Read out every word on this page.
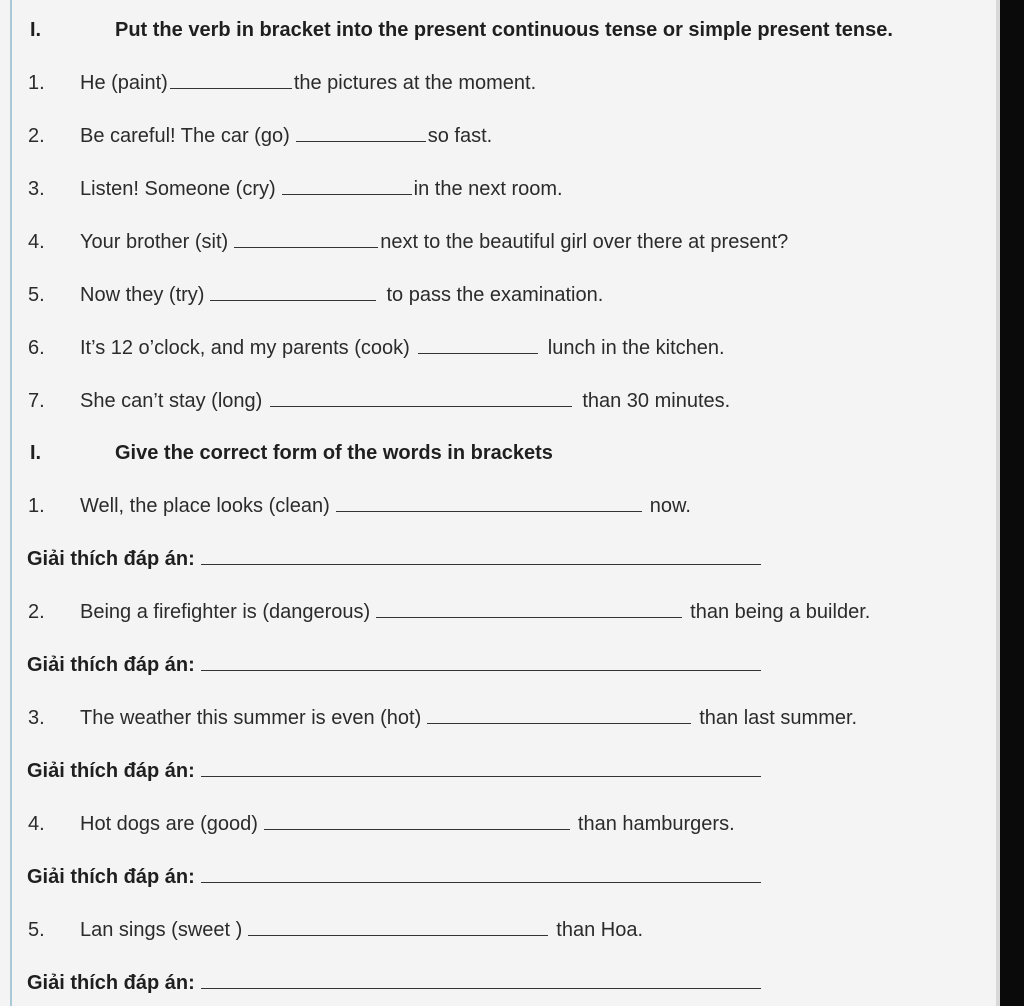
I.	Put the verb in bracket into the present continuous tense or simple present tense.
1. He (paint)	the pictures at the moment.
2. Be careful! The car (go)	so fast.
3. Listen! Someone (cry)	in the next room.
4. Your brother (sit)	next to the beautiful girl over there at present?
5. Now they (try)	to pass the examination.
6. It’s 12 o’clock, and my parents (cook)	lunch in the kitchen.
7. She can’t stay (long)	than 30 minutes.
I.	Give the correct form of the words in brackets
1. Well, the place looks (clean)	now.
Giải thích đáp án:
2. Being a firefighter is (dangerous)	than being a builder.
Giải thích đáp án:
3. The weather this summer is even (hot)	than last summer.
Giải thích đáp án:
4. Hot dogs are (good)	than hamburgers.
Giải thích đáp án:
5. Lan sings (sweet )	than Hoa.
Giải thích đáp án:
